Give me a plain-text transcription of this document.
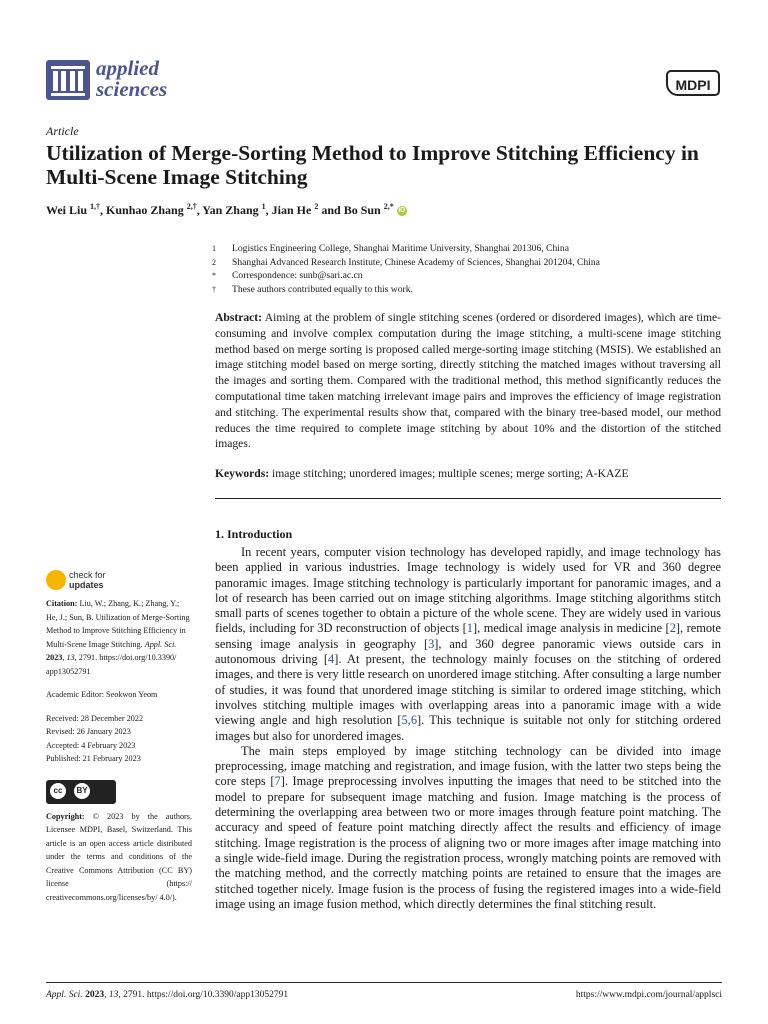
applied
sciences	MDPI
Article
Utilization of Merge-Sorting Method to Improve Stitching Efficiency in Multi-Scene Image Stitching
Wei Liu $^{1,\dagger}$, Kunhao Zhang $^{2,\dagger}$, Yan Zhang $^1$, Jian He $^2$ and Bo Sun $^{2,*}$ iD
1	Logistics Engineering College, Shanghai Maritime University, Shanghai 201306, China
2	Shanghai Advanced Research Institute, Chinese Academy of Sciences, Shanghai 201204, China
*	Correspondence: sunb@sari.ac.cn
†	These authors contributed equally to this work.

Abstract: Aiming at the problem of single stitching scenes (ordered or disordered images), which are time-consuming and involve complex computation during the image stitching, a multi-scene image stitching method based on merge sorting is proposed called merge-sorting image stitching (MSIS). We established an image stitching model based on merge sorting, directly stitching the matched images without traversing all the images and sorting them. Compared with the traditional method, this method significantly reduces the computational time taken matching irrelevant image pairs and improves the efficiency of image registration and stitching. The experimental results show that, compared with the binary tree-based model, our method reduces the time required to complete image stitching by about 10% and the distortion of the stitched images.

Keywords: image stitching; unordered images; multiple scenes; merge sorting; A-KAZE

1. Introduction

In recent years, computer vision technology has developed rapidly, and image technology has been applied in various industries. Image technology is widely used for VR and 360 degree panoramic images. Image stitching technology is particularly important for panoramic images, and a lot of research has been carried out on image stitching algorithms. Image stitching algorithms stitch small parts of scenes together to obtain a picture of the whole scene. They are widely used in various fields, including for 3D reconstruction of objects [1], medical image analysis in medicine [2], remote sensing image analysis in geography [3], and 360 degree panoramic views outside cars in autonomous driving [4]. At present, the technology mainly focuses on the stitching of ordered images, and there is very little research on unordered image stitching. After consulting a large number of studies, it was found that unordered image stitching is similar to ordered image stitching, which involves stitching multiple images with overlapping areas into a panoramic image with a wide viewing angle and high resolution [5,6]. This technique is suitable not only for stitching ordered images but also for unordered images.

The main steps employed by image stitching technology can be divided into image preprocessing, image matching and registration, and image fusion, with the latter two steps being the core steps [7]. Image preprocessing involves inputting the images that need to be stitched into the model to prepare for subsequent image matching and fusion. Image matching is the process of determining the overlapping area between two or more images through feature point matching. The accuracy and speed of feature point matching directly affect the results and efficiency of image stitching. Image registration is the process of aligning two or more images after image matching into a single wide-field image. During the registration process, wrongly matching points are removed with the matching method, and the correctly matching points are retained to ensure that the images are stitched together nicely. Image fusion is the process of fusing the registered images into a wide-field image using an image fusion method, which directly determines the final stitching result.

check for
updates

Citation: Liu, W.; Zhang, K.; Zhang, Y.; He, J.; Sun, B. Utilization of Merge-Sorting Method to Improve Stitching Efficiency in Multi-Scene Image Stitching. Appl. Sci. 2023, 13, 2791. https://doi.org/10.3390/ app13052791

Academic Editor: Seokwon Yeom

Received: 28 December 2022

Revised: 26 January 2023

Accepted: 4 February 2023

Published: 21 February 2023

cc	BY

Copyright: © 2023 by the authors. Licensee MDPI, Basel, Switzerland. This article is an open access article distributed under the terms and conditions of the Creative Commons Attribution (CC BY) license (https:// creativecommons.org/licenses/by/ 4.0/).

Appl. Sci. 2023, 13, 2791. https://doi.org/10.3390/app13052791	https://www.mdpi.com/journal/applsci
